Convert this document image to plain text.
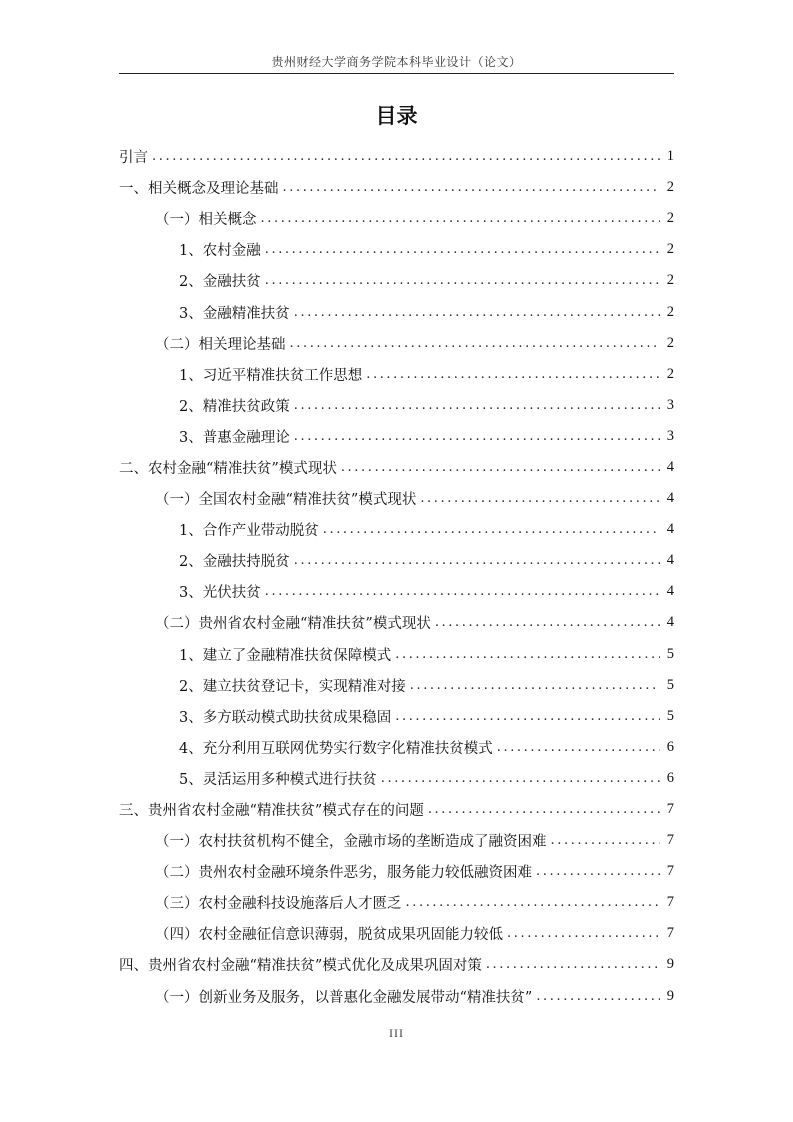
贵州财经大学商务学院本科毕业设计（论文）
目录
引言 .....	1
一、相关概念及理论基础 .....	2
（一）相关概念 .....	2
1、农村金融 .....	2
2、金融扶贫 .....	2
3、金融精准扶贫 .....	2
（二）相关理论基础 .....	2
1、习近平精准扶贫工作思想 .....	2
2、精准扶贫政策 .....	3
3、普惠金融理论 .....	3
二、农村金融“精准扶贫”模式现状 .....	4
（一）全国农村金融“精准扶贫”模式现状 .....	4
1、合作产业带动脱贫 .....	4
2、金融扶持脱贫 .....	4
3、光伏扶贫 .....	4
（二）贵州省农村金融“精准扶贫”模式现状 .....	4
1、建立了金融精准扶贫保障模式 .....	5
2、建立扶贫登记卡，实现精准对接 .....	5
3、多方联动模式助扶贫成果稳固 .....	5
4、充分利用互联网优势实行数字化精准扶贫模式 .....	6
5、灵活运用多种模式进行扶贫 .....	6
三、贵州省农村金融“精准扶贫”模式存在的问题 .....	7
（一）农村扶贫机构不健全，金融市场的垄断造成了融资困难 .....	7
（二）贵州农村金融环境条件恶劣，服务能力较低融资困难 .....	7
（三）农村金融科技设施落后人才匮乏 .....	7
（四）农村金融征信意识薄弱，脱贫成果巩固能力较低 .....	7
四、贵州省农村金融“精准扶贫”模式优化及成果巩固对策 .....	9
（一）创新业务及服务，以普惠化金融发展带动“精准扶贫” .....	9
III
